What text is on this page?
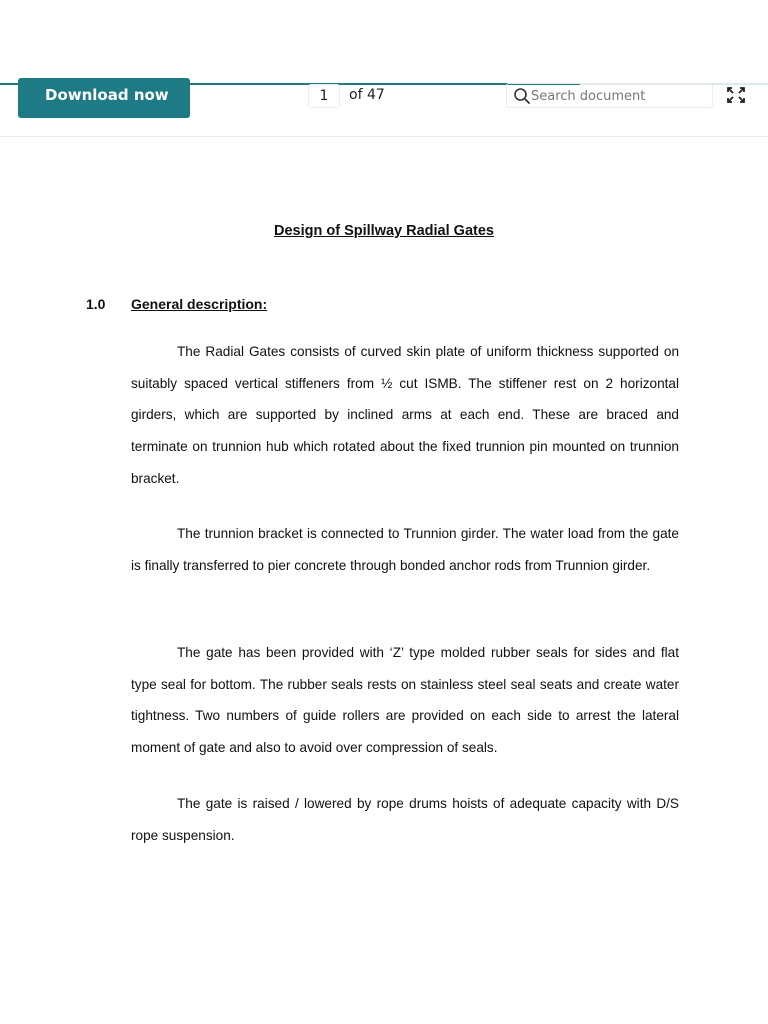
Download now
1	of 47
Search document
Design of Spillway Radial Gates
1.0 General description:

The Radial Gates consists of curved skin plate of uniform thickness supported on suitably spaced vertical stiffeners from ½ cut ISMB. The stiffener rest on 2 horizontal girders, which are supported by inclined arms at each end. These are braced and terminate on trunnion hub which rotated about the fixed trunnion pin mounted on trunnion bracket.

The trunnion bracket is connected to Trunnion girder. The water load from the gate is finally transferred to pier concrete through bonded anchor rods from Trunnion girder.

The gate has been provided with ‘Z’ type molded rubber seals for sides and flat type seal for bottom. The rubber seals rests on stainless steel seal seats and create water tightness. Two numbers of guide rollers are provided on each side to arrest the lateral moment of gate and also to avoid over compression of seals.

The gate is raised / lowered by rope drums hoists of adequate capacity with D/S rope suspension.
